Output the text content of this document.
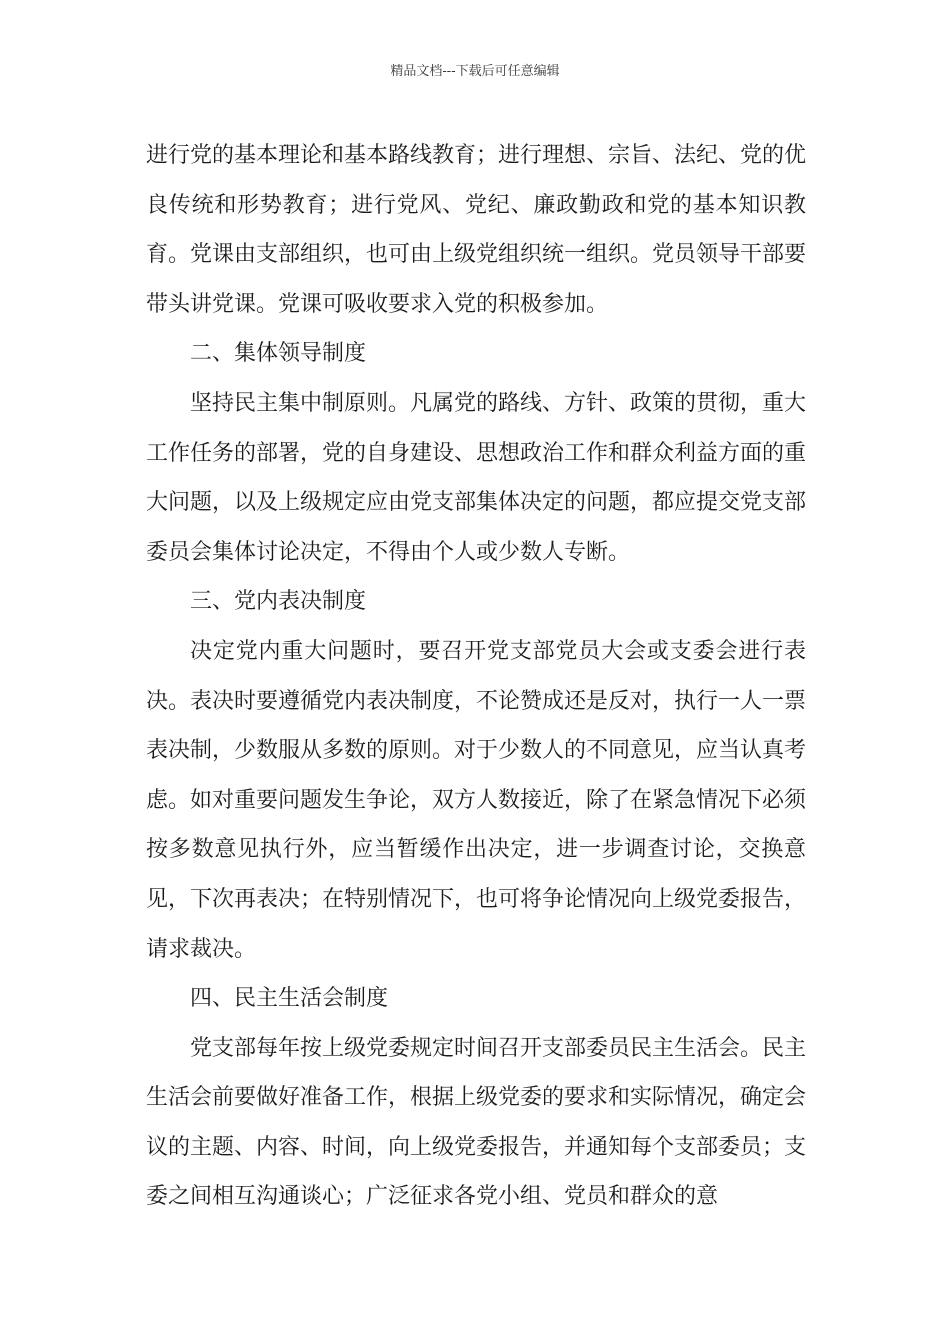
精品文档---下载后可任意编辑

进行党的基本理论和基本路线教育；进行理想、宗旨、法纪、党的优良传统和形势教育；进行党风、党纪、廉政勤政和党的基本知识教育。党课由支部组织，也可由上级党组织统一组织。党员领导干部要带头讲党课。党课可吸收要求入党的积极参加。

二、集体领导制度

坚持民主集中制原则。凡属党的路线、方针、政策的贯彻，重大工作任务的部署，党的自身建设、思想政治工作和群众利益方面的重大问题，以及上级规定应由党支部集体决定的问题，都应提交党支部委员会集体讨论决定，不得由个人或少数人专断。

三、党内表决制度

决定党内重大问题时，要召开党支部党员大会或支委会进行表决。表决时要遵循党内表决制度，不论赞成还是反对，执行一人一票表决制，少数服从多数的原则。对于少数人的不同意见，应当认真考虑。如对重要问题发生争论，双方人数接近，除了在紧急情况下必须按多数意见执行外，应当暂缓作出决定，进一步调查讨论，交换意见，下次再表决；在特别情况下，也可将争论情况向上级党委报告，请求裁决。

四、民主生活会制度

党支部每年按上级党委规定时间召开支部委员民主生活会。民主生活会前要做好准备工作，根据上级党委的要求和实际情况，确定会议的主题、内容、时间，向上级党委报告，并通知每个支部委员；支委之间相互沟通谈心；广泛征求各党小组、党员和群众的意
